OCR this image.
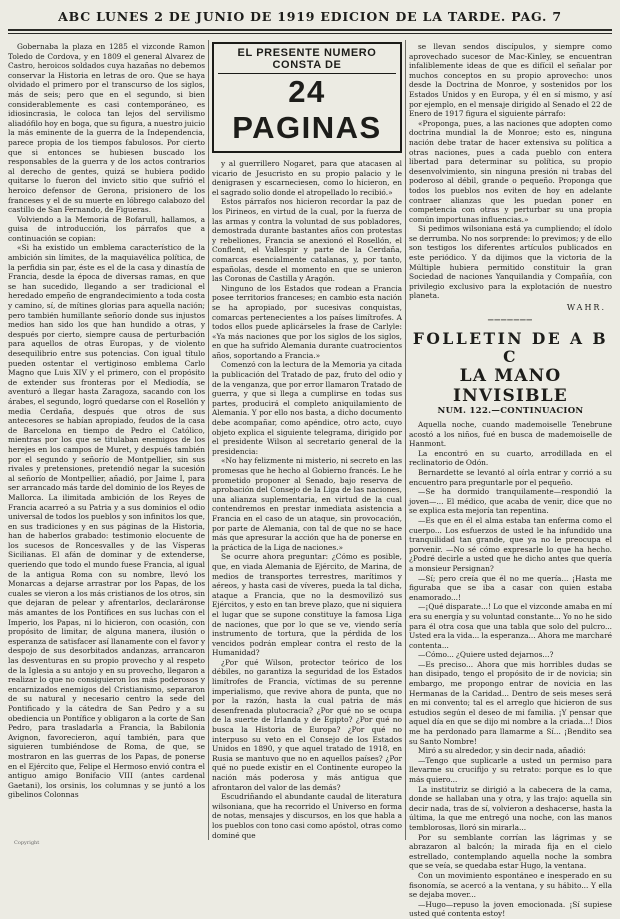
ABC LUNES 2 DE JUNIO DE 1919 EDICION DE LA TARDE. PAG. 7

Gobernaba la plaza en 1285 el vizconde Ramon Toledo de Cordova, y en 1809 el general Alvarez de Castro, heroicos soldados cuya hazañas no debemos conservar la Historia en letras de oro. Que se haya olvidado el primero por el transcurso de los siglos, más de seis; pero que en el segundo, si bien considerablemente es casi contemporáneo, es idiosincrasia, le coloca tan lejos del servilismo aliadófilo hoy en boga, que su figura, a nuestro juicio la más eminente de la guerra de la Independencia, parece propia de los tiempos fabulosos. Por cierto que si entonces se hubiesen buscado los responsables de la guerra y de los actos contrarios al derecho de gentes, quizá se hubiera podido quitarse lo fueron del invicto sitio que sufrió el heroico defensor de Gerona, prisionero de los franceses y el de su muerte en lóbrego calabozo del castillo de San Fernando, de Figueras.

Volviendo a la Memoria de Bofarull, hallamos, a guisa de introducción, los párrafos que a continuación se copian:

«Si ha existido un emblema característico de la ambición sin límites, de la maquiavélica política, de la perfidia sin par, éste es el de la casa y dinastía de Francia, desde la época de diversas ramas, en que se han sucedido, llegando a ser tradicional el heredado empeño de engrandecimiento a toda costa y camino, sí, de mítines glorias para aquella nación; pero también humillante señorío donde sus injustos medios han sido los que han hundido a otras, y después por cierto, siempre causa de perturbación para aquellos de otras Europas, y de violento desequilibrio entre sus potencias. Con igual título pueden ostentar el vertiginoso emblema Carlo Magno que Luis XIV y el primero, con el propósito de extender sus fronteras por el Mediodía, se aventuró a llegar hasta Zaragoza, sacando con los árabes, el segundo, logró quedarse con el Rosellón y media Cerdaña, después que otros de sus antecesores se habían apropiado, feudos de la casa de Barcelona en tiempo de Pedro el Católico, mientras por los que se titulaban enemigos de los herejes en los campos de Muret, y después también por el segundo y señorío de Montpellier, sin sus rivales y pretensiones, pretendió negar la sucesión al señorío de Montpellier, añadió, por Jaime I, para ser arrancado más tarde del dominio de los Reyes de Mallorca. La ilimitada ambición de los Reyes de Francia acarreó a su Patria y a sus dominios el odio universal de todos los pueblos y son infinitos los que, en sus tradiciones y en sus páginas de la Historia, han de haberlos grabado: testimonio elocuente de los sucesos de Roncesvalles y de las Vísperas Sicilianas. El afán de dominar y de extenderse, queriendo que todo el mundo fuese Francia, al igual de la antigua Roma con su nombre, llevó los Monarcas a dejarse arrastrar por los Papas, de los cuales se vieron a los más cristianos de los otros, sin que dejaran de pelear y afrentarlos, declaráronse más amantes de los Pontífices en sus luchas con el Imperio, los Papas, ni lo hicieron, con ocasión, con propósito de limitar, de alguna manera, ilusión o esperanza de satisfacer así llanamente con el favor y despojo de sus desorbitados andanzas, arrancaron las desventuras en su propio provecho y al respeto de la Iglesia a su antojo y en su provecho, llegaron a realizar lo que no consiguieron los más poderosos y encarnizados enemigos del Cristianismo, separaron de su natural y necesario centro la sede del Pontificado y la cátedra de San Pedro y a su obediencia un Pontífice y obligaron a la corte de San Pedro, para trasladarla a Francia, la Babilonia Avignon, favorecieron, aquí también, para que siguieren tumbiéndose de Roma, de que, se mostraron en las guerras de los Papas, de ponerse en el Ejército que, Felipe el Hermoso envió contra el antiguo amigo Bonifacio VIII (antes cardenal Gaetani), los orsinis, los columnas y se juntó a los gibelinos Colonnas

EL PRESENTE NUMERO CONSTA DE
24 PAGINAS

y al guerrillero Nogaret, para que atacasen al vicario de Jesucristo en su propio palacio y le denigrasen y escarneciesen, como lo hicieron, en el sagrado solio donde el atropellado lo recibió.»

Estos párrafos nos hicieron recordar la paz de los Pirineos, en virtud de la cual, por la fuerza de las armas y contra la voluntad de sus pobladores, demostrada durante bastantes años con protestas y rebeliones, Francia se anexionó el Rosellón, el Conflent, el Vallespir y parte de la Cerdaña, comarcas esencialmente catalanas, y, por tanto, españolas, desde el momento en que se unieron las Coronas de Castilla y Aragón.

Ninguno de los Estados que rodean a Francia posee territorios franceses; en cambio esta nación se ha apropiado, por sucesivas conquistas, comarcas pertenecientes a los países limítrofes. A todos ellos puede aplicárseles la frase de Carlyle: «Ya más naciones que por los siglos de los siglos, en que ha sufrido Alemania durante cuatrocientos años, soportando a Francia.»

Comenzó con la lectura de la Memoria ya citada la publicación del Tratado de paz, fruto del odio y de la venganza, que por error llamaron Tratado de guerra, y que si llega a cumplirse en todas sus partes, producirá el completo aniquilamiento de Alemania. Y por ello nos basta, a dicho documento debe acompañar, como apéndice, otro acto, cuyo objeto explica el siguiente telegrama, dirigido por el presidente Wilson al secretario general de la presidencia:

«No hay felizmente ni misterio, ni secreto en las promesas que he hecho al Gobierno francés. Le he prometido proponer al Senado, bajo reserva de aprobación del Consejo de la Liga de las naciones, una alianza suplementaria, en virtud de la cual contendremos en prestar inmediata asistencia a Francia en el caso de un ataque, sin provocación, por parte de Alemania, con tal de que no se hace más que apresurar la acción que ha de ponerse en la práctica de la Liga de naciones.»

Se ocurre ahora preguntar: ¿Cómo es posible, que, en viada Alemania de Ejército, de Marina, de medios de transportes terrestres, marítimos y aéreos, y hasta casi de víveres, pueda la tal dicha, ataque a Francia, que no la desmovilizó sus Ejércitos, y esto en tan breve plazo, que ni siquiera el lugar que se supone constituye la famosa Liga de naciones, que por lo que se ve, viendo sería instrumento de tortura, que la pérdida de los vencidos podrán emplear contra el resto de la Humanidad?

¿Por qué Wilson, protector teórico de los débiles, no garantiza la seguridad de los Estados limítrofes de Francia, víctimas de su perenne imperialismo, que revive ahora de punta, que no por la razón, hasta la cual patria de más desenfrenada plutocracia? ¿Por qué no se ocupa de la suerte de Irlanda y de Egipto? ¿Por qué no busca la Historia de Europa? ¿Por qué no interpuso su veto en el Consejo de los Estados Unidos en 1890, y que aquel tratado de 1918, en Rusia se mantuvo que no en aquellos países? ¿Por qué no puede existir en el Continente europeo la nación más poderosa y más antigua que afrontaron del valor de las demás?

Escudriñando el abundante caudal de literatura wilsoniana, que ha recorrido el Universo en forma de notas, mensajes y discursos, en los que habla a los pueblos con tono casi como apóstol, otras como dominé que

se llevan sendos discípulos, y siempre como aprovechado sucesor de Mac-Kinley, se encuentran infaliblemente ideas de que es difícil el señalar por muchos conceptos en su propio aprovecho: unos desde la Doctrina de Monroe, y sostenidos por los Estados Unidos y en Europa, y él en sí mismo, y así por ejemplo, en el mensaje dirigido al Senado el 22 de Enero de 1917 figura el siguiente párrafo:

«Proponga, pues, a las naciones que adopten como doctrina mundial la de Monroe; esto es, ninguna nación debe tratar de hacer extensiva su política a otras naciones, pues a cada pueblo con entera libertad para determinar su política, su propio desenvolvimiento, sin ninguna presión ni trabas del poderoso al débil, grande o pequeño. Proponga que todos los pueblos nos eviten de hoy en adelante contraer alianzas que les puedan poner en competencia con otras y perturbar su una propia común importunas influencias.»

Si pedimos wilsoniana está ya cumpliendo; el ídolo se derrumba. No nos sorprende: lo previmos; y de ello son testigos los diferentes artículos publicados en este periódico. Y da dijimos que la victoria de la Múltiple hubiera permitido constituir la gran Sociedad de naciones Yanquilandia y Compañía, con privilegio exclusivo para la explotación de nuestro planeta.

WAHR.
───────
FOLLETIN DE A B C
LA MANO INVISIBLE
NUM. 122.—CONTINUACION

Aquella noche, cuando mademoiselle Tenebrune acostó a los niños, fué en busca de mademoiselle de Hanmont.

La encontró en su cuarto, arrodillada en el reclinatorio de Odón.

Bernardette se levantó al oírla entrar y corrió a su encuentro para preguntarle por el pequeño.

—Se ha dormido tranquilamente—respondió la joven—... El médico, que acaba de venir, dice que no se explica esta mejoría tan repentina.

—Es que en él el alma estaba tan enferma como el cuerpo... Los esfuerzos de usted le ha infundido una tranquilidad tan grande, que ya no le preocupa el porvenir. —No sé cómo expresarle lo que ha hecho. ¿Podré decirle a usted que he dicho antes que quería a monsieur Persignan?

—Sí; pero creía que él no me quería... ¡Hasta me figuraba que se iba a casar con quien estaba enamorado...!

—¡Qué disparate...! Lo que el vizconde amaba en mí era su energía y su voluntad constante... Yo no he sido para él otra cosa que una tabla que solo del pulcro... Usted era la vida... la esperanza... Ahora me marcharé contenta...

—Cómo... ¿Quiere usted dejarnos...?

—Es preciso... Ahora que mis horribles dudas se han disipado, tengo el propósito de ir de novicia; sin embargo, me propongo entrar de novicia en las Hermanas de la Caridad... Dentro de seis meses será en mi convento; tal es el arreglo que hicieron de sus estudios según el deseo de mi familia. ¡Y pensar que aquel día en que se dijo mi nombre a la criada...! Dios me ha perdonado para llamarme a Sí... ¡Bendito sea su Santo Nombre!

Miró a su alrededor, y sin decir nada, añadió:

—Tengo que suplicarle a usted un permiso para llevarme su crucifijo y su retrato: porque es lo que más quiero...

La institutriz se dirigió a la cabecera de la cama, donde se hallaban una y otra, y las trajo: aquella sin decir nada, tras de sí, volvieron a deshacerse, hasta la última, la que me entregó una noche, con las manos temblorosas, lloró sin mirarla...

Por su semblante corrían las lágrimas y se abrazaron al balcón; la mirada fija en el cielo estrellado, contemplando aquella noche la sombra que se veía, se quedaba estar Hugo, la ventana.

Con un movimiento espontáneo e inesperado en su fisonomía, se acercó a la ventana, y su hábito... Y ella se dejaba mover...

—Hugo—repuso la joven emocionada. ¡Sí supiese usted qué contenta estoy!

Copyright
